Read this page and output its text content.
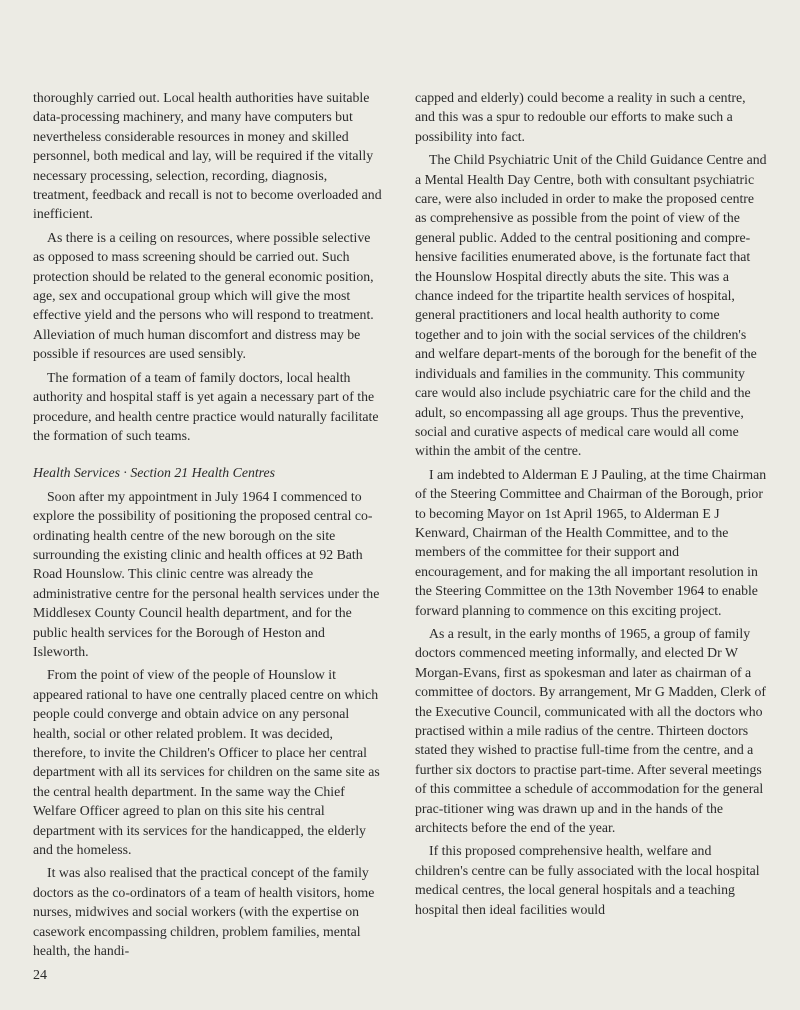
thoroughly carried out. Local health authorities have suitable data-processing machinery, and many have computers but nevertheless considerable resources in money and skilled personnel, both medical and lay, will be required if the vitally necessary processing, selection, recording, diagnosis, treatment, feedback and recall is not to become overloaded and inefficient.

As there is a ceiling on resources, where possible selective as opposed to mass screening should be carried out. Such protection should be related to the general economic position, age, sex and occupational group which will give the most effective yield and the persons who will respond to treatment. Alleviation of much human discomfort and distress may be possible if resources are used sensibly.

The formation of a team of family doctors, local health authority and hospital staff is yet again a necessary part of the procedure, and health centre practice would naturally facilitate the formation of such teams.

Health Services · Section 21 Health Centres

Soon after my appointment in July 1964 I commenced to explore the possibility of positioning the proposed central co-ordinating health centre of the new borough on the site surrounding the existing clinic and health offices at 92 Bath Road Hounslow. This clinic centre was already the administrative centre for the personal health services under the Middlesex County Council health department, and for the public health services for the Borough of Heston and Isleworth.

From the point of view of the people of Hounslow it appeared rational to have one centrally placed centre on which people could converge and obtain advice on any personal health, social or other related problem. It was decided, therefore, to invite the Children's Officer to place her central department with all its services for children on the same site as the central health department. In the same way the Chief Welfare Officer agreed to plan on this site his central department with its services for the handicapped, the elderly and the homeless.

It was also realised that the practical concept of the family doctors as the co-ordinators of a team of health visitors, home nurses, midwives and social workers (with the expertise on casework encompassing children, problem families, mental health, the handi-

capped and elderly) could become a reality in such a centre, and this was a spur to redouble our efforts to make such a possibility into fact.

The Child Psychiatric Unit of the Child Guidance Centre and a Mental Health Day Centre, both with consultant psychiatric care, were also included in order to make the proposed centre as comprehensive as possible from the point of view of the general public. Added to the central positioning and compre-hensive facilities enumerated above, is the fortunate fact that the Hounslow Hospital directly abuts the site. This was a chance indeed for the tripartite health services of hospital, general practitioners and local health authority to come together and to join with the social services of the children's and welfare depart-ments of the borough for the benefit of the individuals and families in the community. This community care would also include psychiatric care for the child and the adult, so encompassing all age groups. Thus the preventive, social and curative aspects of medical care would all come within the ambit of the centre.

I am indebted to Alderman E J Pauling, at the time Chairman of the Steering Committee and Chairman of the Borough, prior to becoming Mayor on 1st April 1965, to Alderman E J Kenward, Chairman of the Health Committee, and to the members of the committee for their support and encouragement, and for making the all important resolution in the Steering Committee on the 13th November 1964 to enable forward planning to commence on this exciting project.

As a result, in the early months of 1965, a group of family doctors commenced meeting informally, and elected Dr W Morgan-Evans, first as spokesman and later as chairman of a committee of doctors. By arrangement, Mr G Madden, Clerk of the Executive Council, communicated with all the doctors who practised within a mile radius of the centre. Thirteen doctors stated they wished to practise full-time from the centre, and a further six doctors to practise part-time. After several meetings of this committee a schedule of accommodation for the general prac-titioner wing was drawn up and in the hands of the architects before the end of the year.

If this proposed comprehensive health, welfare and children's centre can be fully associated with the local hospital medical centres, the local general hospitals and a teaching hospital then ideal facilities would

24
